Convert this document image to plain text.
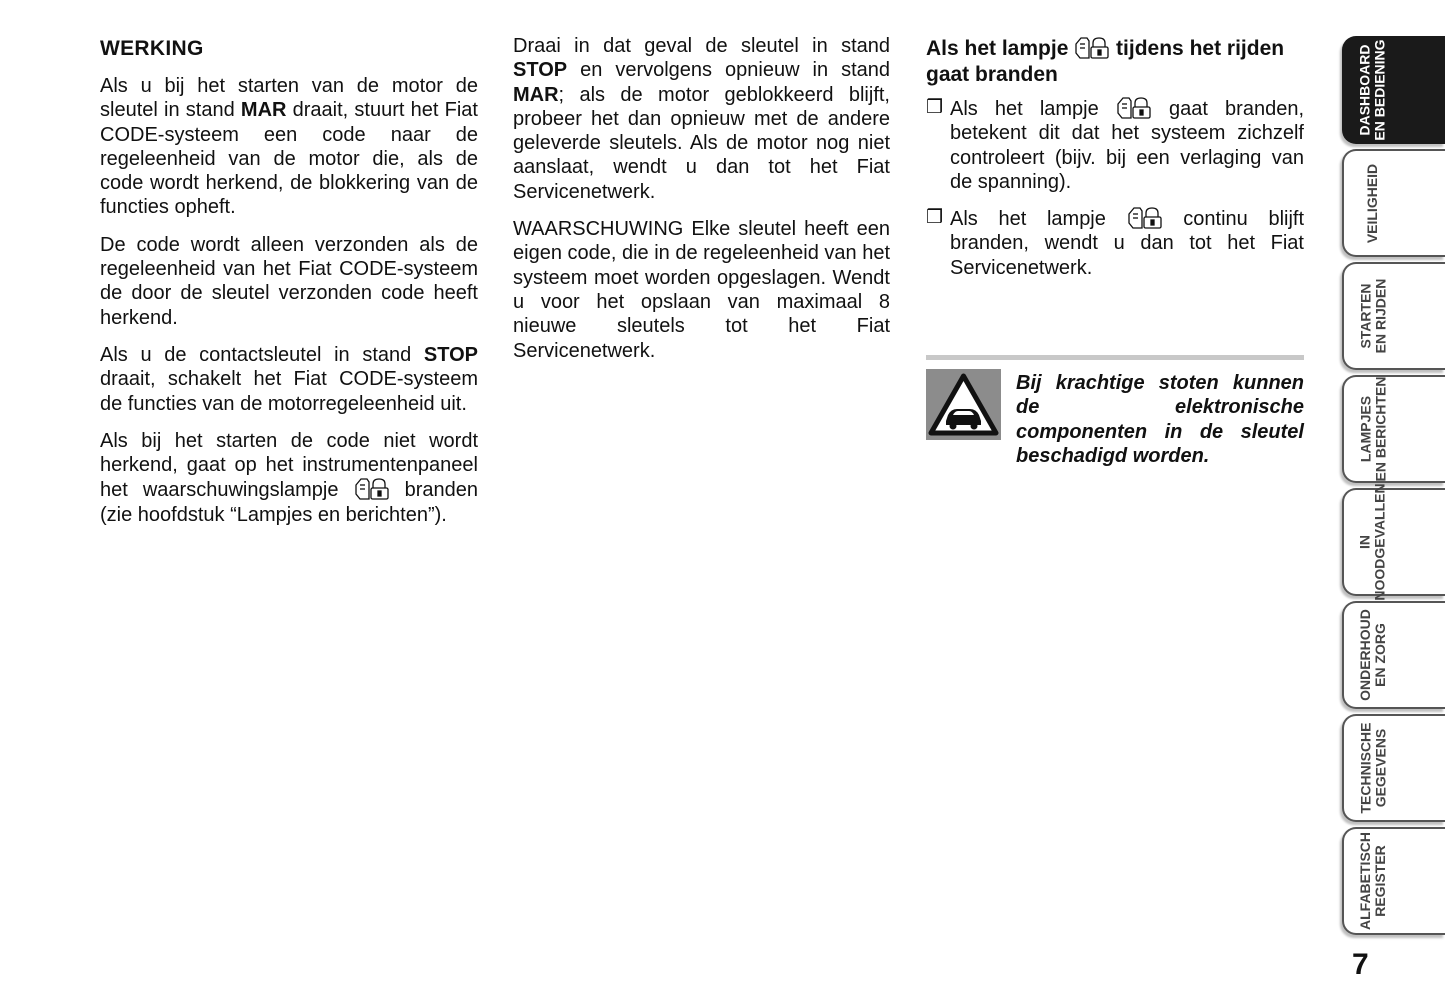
WERKING

Als u bij het starten van de motor de sleutel in stand MAR draait, stuurt het Fiat CODE-systeem een code naar de regeleenheid van de motor die, als de code wordt herkend, de blokkering van de functies opheft.

De code wordt alleen verzonden als de regeleenheid van het Fiat CODE-systeem de door de sleutel verzonden code heeft herkend.

Als u de contactsleutel in stand STOP draait, schakelt het Fiat CODE-systeem de functies van de motorregeleenheid uit.

Als bij het starten de code niet wordt herkend, gaat op het instrumentenpaneel het waarschuwingslampje
branden (zie hoofdstuk “Lampjes en berichten”).

Draai in dat geval de sleutel in stand STOP en vervolgens opnieuw in stand MAR; als de motor geblokkeerd blijft, probeer het dan opnieuw met de andere geleverde sleutels. Als de motor nog niet aanslaat, wendt u dan tot het Fiat Servicenetwerk.

WAARSCHUWING Elke sleutel heeft een eigen code, die in de regeleenheid van het systeem moet worden opgeslagen. Wendt u voor het opslaan van maximaal 8 nieuwe sleutels tot het Fiat Servicenetwerk.

Als het lampje
tijdens het rijden gaat branden
❒ Als het lampje
gaat branden, betekent dit dat het systeem zichzelf controleert (bijv. bij een verlaging van de spanning).
❒ Als het lampje
continu blijft branden, wendt u dan tot het Fiat Servicenetwerk.
Bij krachtige stoten kunnen de elektronische componenten in de sleutel beschadigd worden.
DASHBOARD
EN BEDIENING
VEILIGHEID
STARTEN
EN RIJDEN
LAMPJES
EN BERICHTEN
IN
NOODGEVALLEN
ONDERHOUD
EN ZORG
TECHNISCHE
GEGEVENS
ALFABETISCH
REGISTER
7
